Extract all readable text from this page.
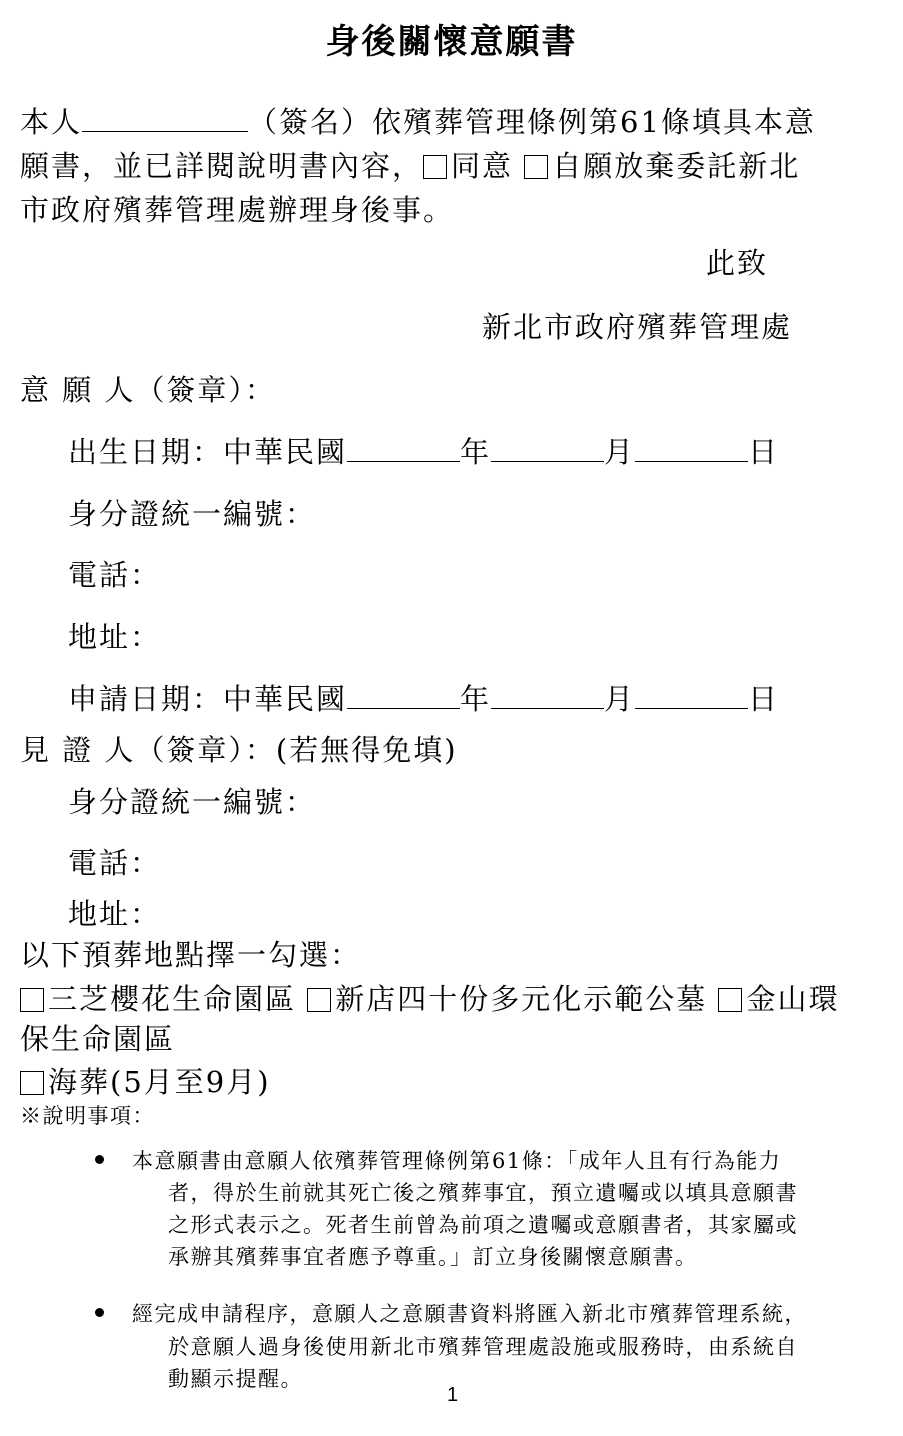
身後關懷意願書
本人	（簽名）依殯葬管理條例第61條填具本意
願書，並已詳閱說明書內容， 同意 自願放棄委託新北
市政府殯葬管理處辦理身後事。
此致
新北市政府殯葬管理處
意 願 人（簽章）：
出生日期：中華民國	年	月	日
身分證統一編號：
電話：
地址：
申請日期：中華民國	年	月	日
見 證 人（簽章）：(若無得免填)
身分證統一編號：
電話：
地址：
以下預葬地點擇一勾選：
三芝櫻花生命園區 新店四十份多元化示範公墓 金山環
保生命園區
海葬(5月至9月)
※說明事項：
本意願書由意願人依殯葬管理條例第61條：「成年人且有行為能力
者，得於生前就其死亡後之殯葬事宜，預立遺囑或以填具意願書
之形式表示之。死者生前曾為前項之遺囑或意願書者，其家屬或
承辦其殯葬事宜者應予尊重。」訂立身後關懷意願書。
經完成申請程序，意願人之意願書資料將匯入新北市殯葬管理系統，
於意願人過身後使用新北市殯葬管理處設施或服務時，由系統自
動顯示提醒。
1
